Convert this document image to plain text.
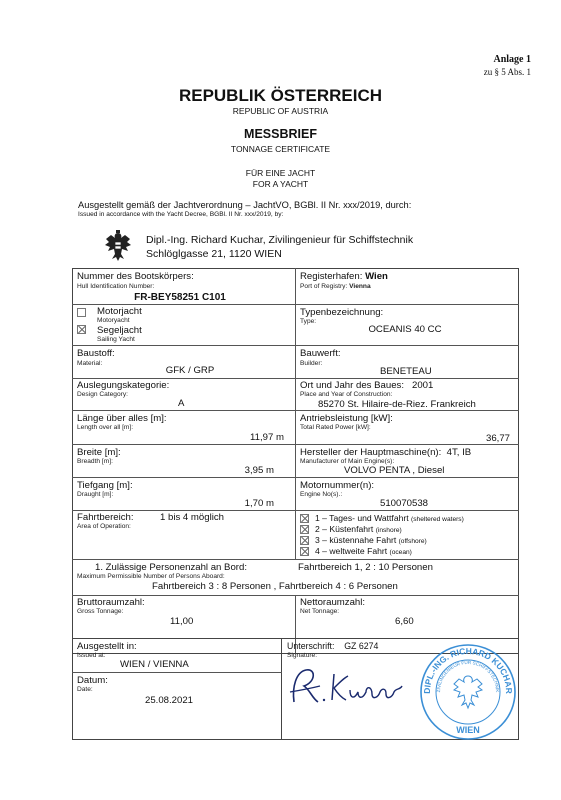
Anlage 1
zu § 5 Abs. 1
REPUBLIK ÖSTERREICH
REPUBLIC OF AUSTRIA
MESSBRIEF
TONNAGE CERTIFICATE
FÜR EINE JACHT
FOR A YACHT
Ausgestellt gemäß der Jachtverordnung – JachtVO, BGBl. II Nr. xxx/2019, durch:
Issued in accordance with the Yacht Decree, BGBl. II Nr. xxx/2019, by:
Dipl.-Ing. Richard Kuchar, Zivilingenieur für Schiffstechnik
Schlöglgasse 21, 1120 WIEN
Nummer des Bootskörpers:
Hull Identification Number:
FR-BEY58251 C101
Registerhafen: Wien
Port of Registry: Vienna
Motorjacht
Motoryacht
Segeljacht
Sailing Yacht
Typenbezeichnung:
Type:
OCEANIS 40 CC
Baustoff:
Material:
GFK / GRP
Bauwerft:
Builder:
BENETEAU
Auslegungskategorie:
Design Category:
A
Ort und Jahr des Baues: 2001
Place and Year of Construction:
85270 St. Hilaire-de-Riez. Frankreich
Länge über alles [m]:
Length over all [m]:
11,97 m
Antriebsleistung [kW]:
Total Rated Power [kW]:
36,77
Breite [m]:
Breadth [m]:
3,95 m
Hersteller der Hauptmaschine(n): 4T, IB
Manufacturer of Main Engine(s):
VOLVO PENTA , Diesel
Tiefgang [m]:
Draught [m]:
1,70 m
Motornummer(n):
Engine No(s).:
510070538
Fahrtbereich:	1 bis 4 möglich
Area of Operation:
1 – Tages- und Wattfahrt (sheltered waters)
2 – Küstenfahrt (inshore)
3 – küstennahe Fahrt (offshore)
4 – weltweite Fahrt (ocean)
1. Zulässige Personenzahl an Bord:	Fahrtbereich 1, 2 : 10 Personen
Maximum Permissible Number of Persons Aboard:
Fahrtbereich 3 : 8 Personen , Fahrtbereich 4 : 6 Personen
Bruttoraumzahl:
Gross Tonnage:
11,00
Nettoraumzahl:
Net Tonnage:
6,60
Ausgestellt in:
Issued at:
WIEN / VIENNA
Datum:
Date:
25.08.2021
Unterschrift: GZ 6274
Signature:
DIPL.-ING. RICHARD KUCHAR
ZIVILINGENIEUR FÜR SCHIFFSTECHNIK
WIEN
